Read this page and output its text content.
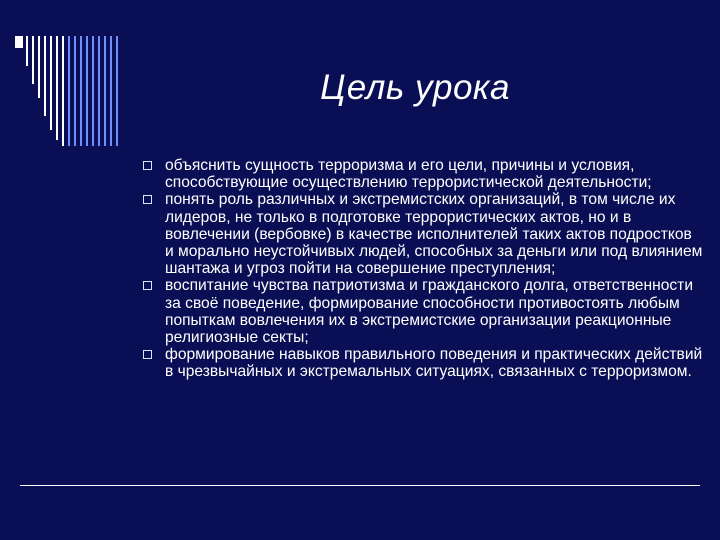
Цель урока
объяснить сущность терроризма и его цели, причины и условия, способствующие осуществлению террористической деятельности;
понять роль различных и экстремистских организаций, в том числе их лидеров, не только в подготовке террористических актов, но и в вовлечении (вербовке) в качестве исполнителей таких актов подростков и морально неустойчивых людей, способных за деньги или под влиянием шантажа и угроз пойти на совершение преступления;
воспитание чувства патриотизма и гражданского долга, ответственности за своё поведение, формирование способности противостоять любым попыткам вовлечения их в экстремистские организации реакционные религиозные секты;
формирование навыков правильного поведения и практических действий в чрезвычайных и экстремальных ситуациях, связанных с терроризмом.
